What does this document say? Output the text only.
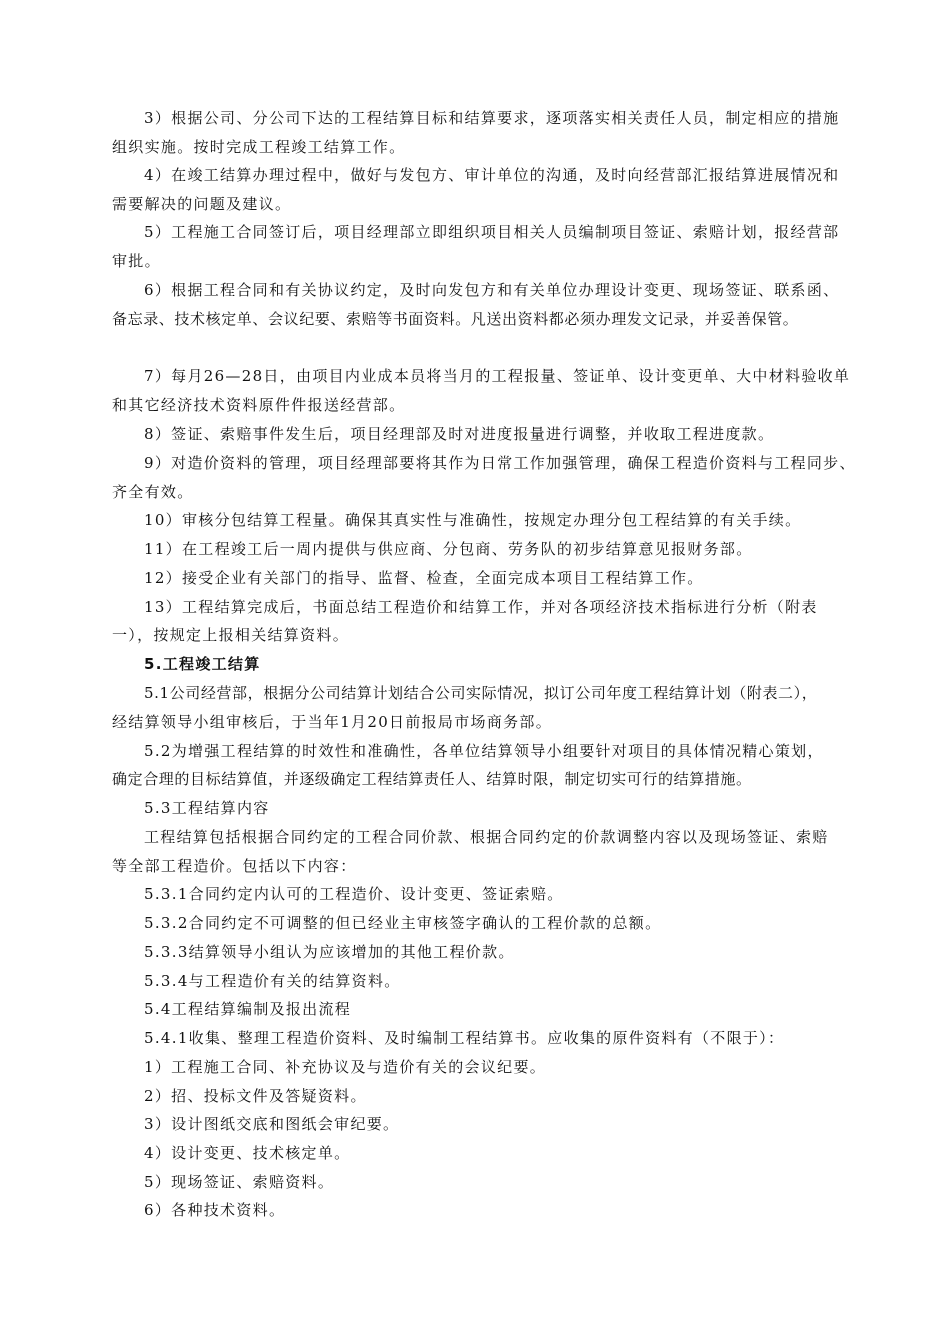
3）根据公司、分公司下达的工程结算目标和结算要求，逐项落实相关责任人员，制定相应的措施
组织实施。按时完成工程竣工结算工作。
4）在竣工结算办理过程中，做好与发包方、审计单位的沟通，及时向经营部汇报结算进展情况和
需要解决的问题及建议。
5）工程施工合同签订后，项目经理部立即组织项目相关人员编制项目签证、索赔计划，报经营部
审批。
6）根据工程合同和有关协议约定，及时向发包方和有关单位办理设计变更、现场签证、联系函、
备忘录、技术核定单、会议纪要、索赔等书面资料。凡送出资料都必须办理发文记录，并妥善保管。
7）每月26—28日，由项目内业成本员将当月的工程报量、签证单、设计变更单、大中材料验收单
和其它经济技术资料原件件报送经营部。
8）签证、索赔事件发生后，项目经理部及时对进度报量进行调整，并收取工程进度款。
9）对造价资料的管理，项目经理部要将其作为日常工作加强管理，确保工程造价资料与工程同步、
齐全有效。
10）审核分包结算工程量。确保其真实性与准确性，按规定办理分包工程结算的有关手续。
11）在工程竣工后一周内提供与供应商、分包商、劳务队的初步结算意见报财务部。
12）接受企业有关部门的指导、监督、检查，全面完成本项目工程结算工作。
13）工程结算完成后，书面总结工程造价和结算工作，并对各项经济技术指标进行分析（附表
一），按规定上报相关结算资料。
5.工程竣工结算
5.1公司经营部，根据分公司结算计划结合公司实际情况，拟订公司年度工程结算计划（附表二），
经结算领导小组审核后，于当年1月20日前报局市场商务部。
5.2为增强工程结算的时效性和准确性，各单位结算领导小组要针对项目的具体情况精心策划，
确定合理的目标结算值，并逐级确定工程结算责任人、结算时限，制定切实可行的结算措施。
5.3工程结算内容
工程结算包括根据合同约定的工程合同价款、根据合同约定的价款调整内容以及现场签证、索赔
等全部工程造价。包括以下内容：
5.3.1合同约定内认可的工程造价、设计变更、签证索赔。
5.3.2合同约定不可调整的但已经业主审核签字确认的工程价款的总额。
5.3.3结算领导小组认为应该增加的其他工程价款。
5.3.4与工程造价有关的结算资料。
5.4工程结算编制及报出流程
5.4.1收集、整理工程造价资料、及时编制工程结算书。应收集的原件资料有（不限于）：
1）工程施工合同、补充协议及与造价有关的会议纪要。
2）招、投标文件及答疑资料。
3）设计图纸交底和图纸会审纪要。
4）设计变更、技术核定单。
5）现场签证、索赔资料。
6）各种技术资料。
